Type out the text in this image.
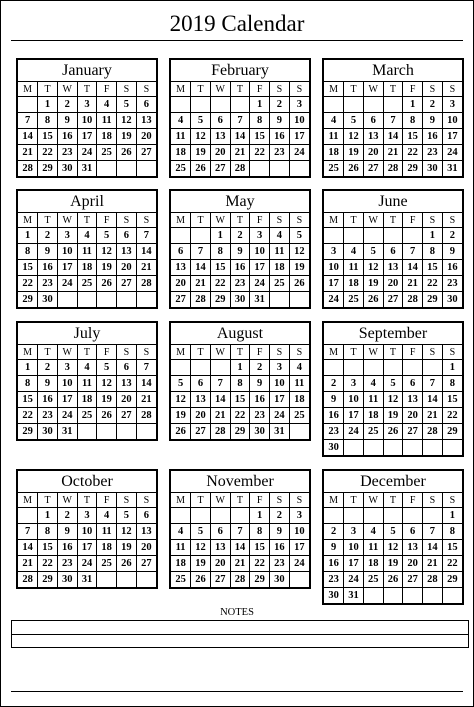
2019 Calendar
January
M	T	W	T	F	S	S
	1	2	3	4	5	6
7	8	9	10	11	12	13
14	15	16	17	18	19	20
21	22	23	24	25	26	27
28	29	30	31			
February
M	T	W	T	F	S	S
				1	2	3
4	5	6	7	8	9	10
11	12	13	14	15	16	17
18	19	20	21	22	23	24
25	26	27	28			
March
M	T	W	T	F	S	S
				1	2	3
4	5	6	7	8	9	10
11	12	13	14	15	16	17
18	19	20	21	22	23	24
25	26	27	28	29	30	31
April
M	T	W	T	F	S	S
1	2	3	4	5	6	7
8	9	10	11	12	13	14
15	16	17	18	19	20	21
22	23	24	25	26	27	28
29	30					
May
M	T	W	T	F	S	S
		1	2	3	4	5
6	7	8	9	10	11	12
13	14	15	16	17	18	19
20	21	22	23	24	25	26
27	28	29	30	31		
June
M	T	W	T	F	S	S
					1	2
3	4	5	6	7	8	9
10	11	12	13	14	15	16
17	18	19	20	21	22	23
24	25	26	27	28	29	30
July
M	T	W	T	F	S	S
1	2	3	4	5	6	7
8	9	10	11	12	13	14
15	16	17	18	19	20	21
22	23	24	25	26	27	28
29	30	31				
August
M	T	W	T	F	S	S
			1	2	3	4
5	6	7	8	9	10	11
12	13	14	15	16	17	18
19	20	21	22	23	24	25
26	27	28	29	30	31	
September
M	T	W	T	F	S	S
						1
2	3	4	5	6	7	8
9	10	11	12	13	14	15
16	17	18	19	20	21	22
23	24	25	26	27	28	29
30						
October
M	T	W	T	F	S	S
	1	2	3	4	5	6
7	8	9	10	11	12	13
14	15	16	17	18	19	20
21	22	23	24	25	26	27
28	29	30	31			
November
M	T	W	T	F	S	S
				1	2	3
4	5	6	7	8	9	10
11	12	13	14	15	16	17
18	19	20	21	22	23	24
25	26	27	28	29	30	
December
M	T	W	T	F	S	S
						1
2	3	4	5	6	7	8
9	10	11	12	13	14	15
16	17	18	19	20	21	22
23	24	25	26	27	28	29
30	31					
NOTES
